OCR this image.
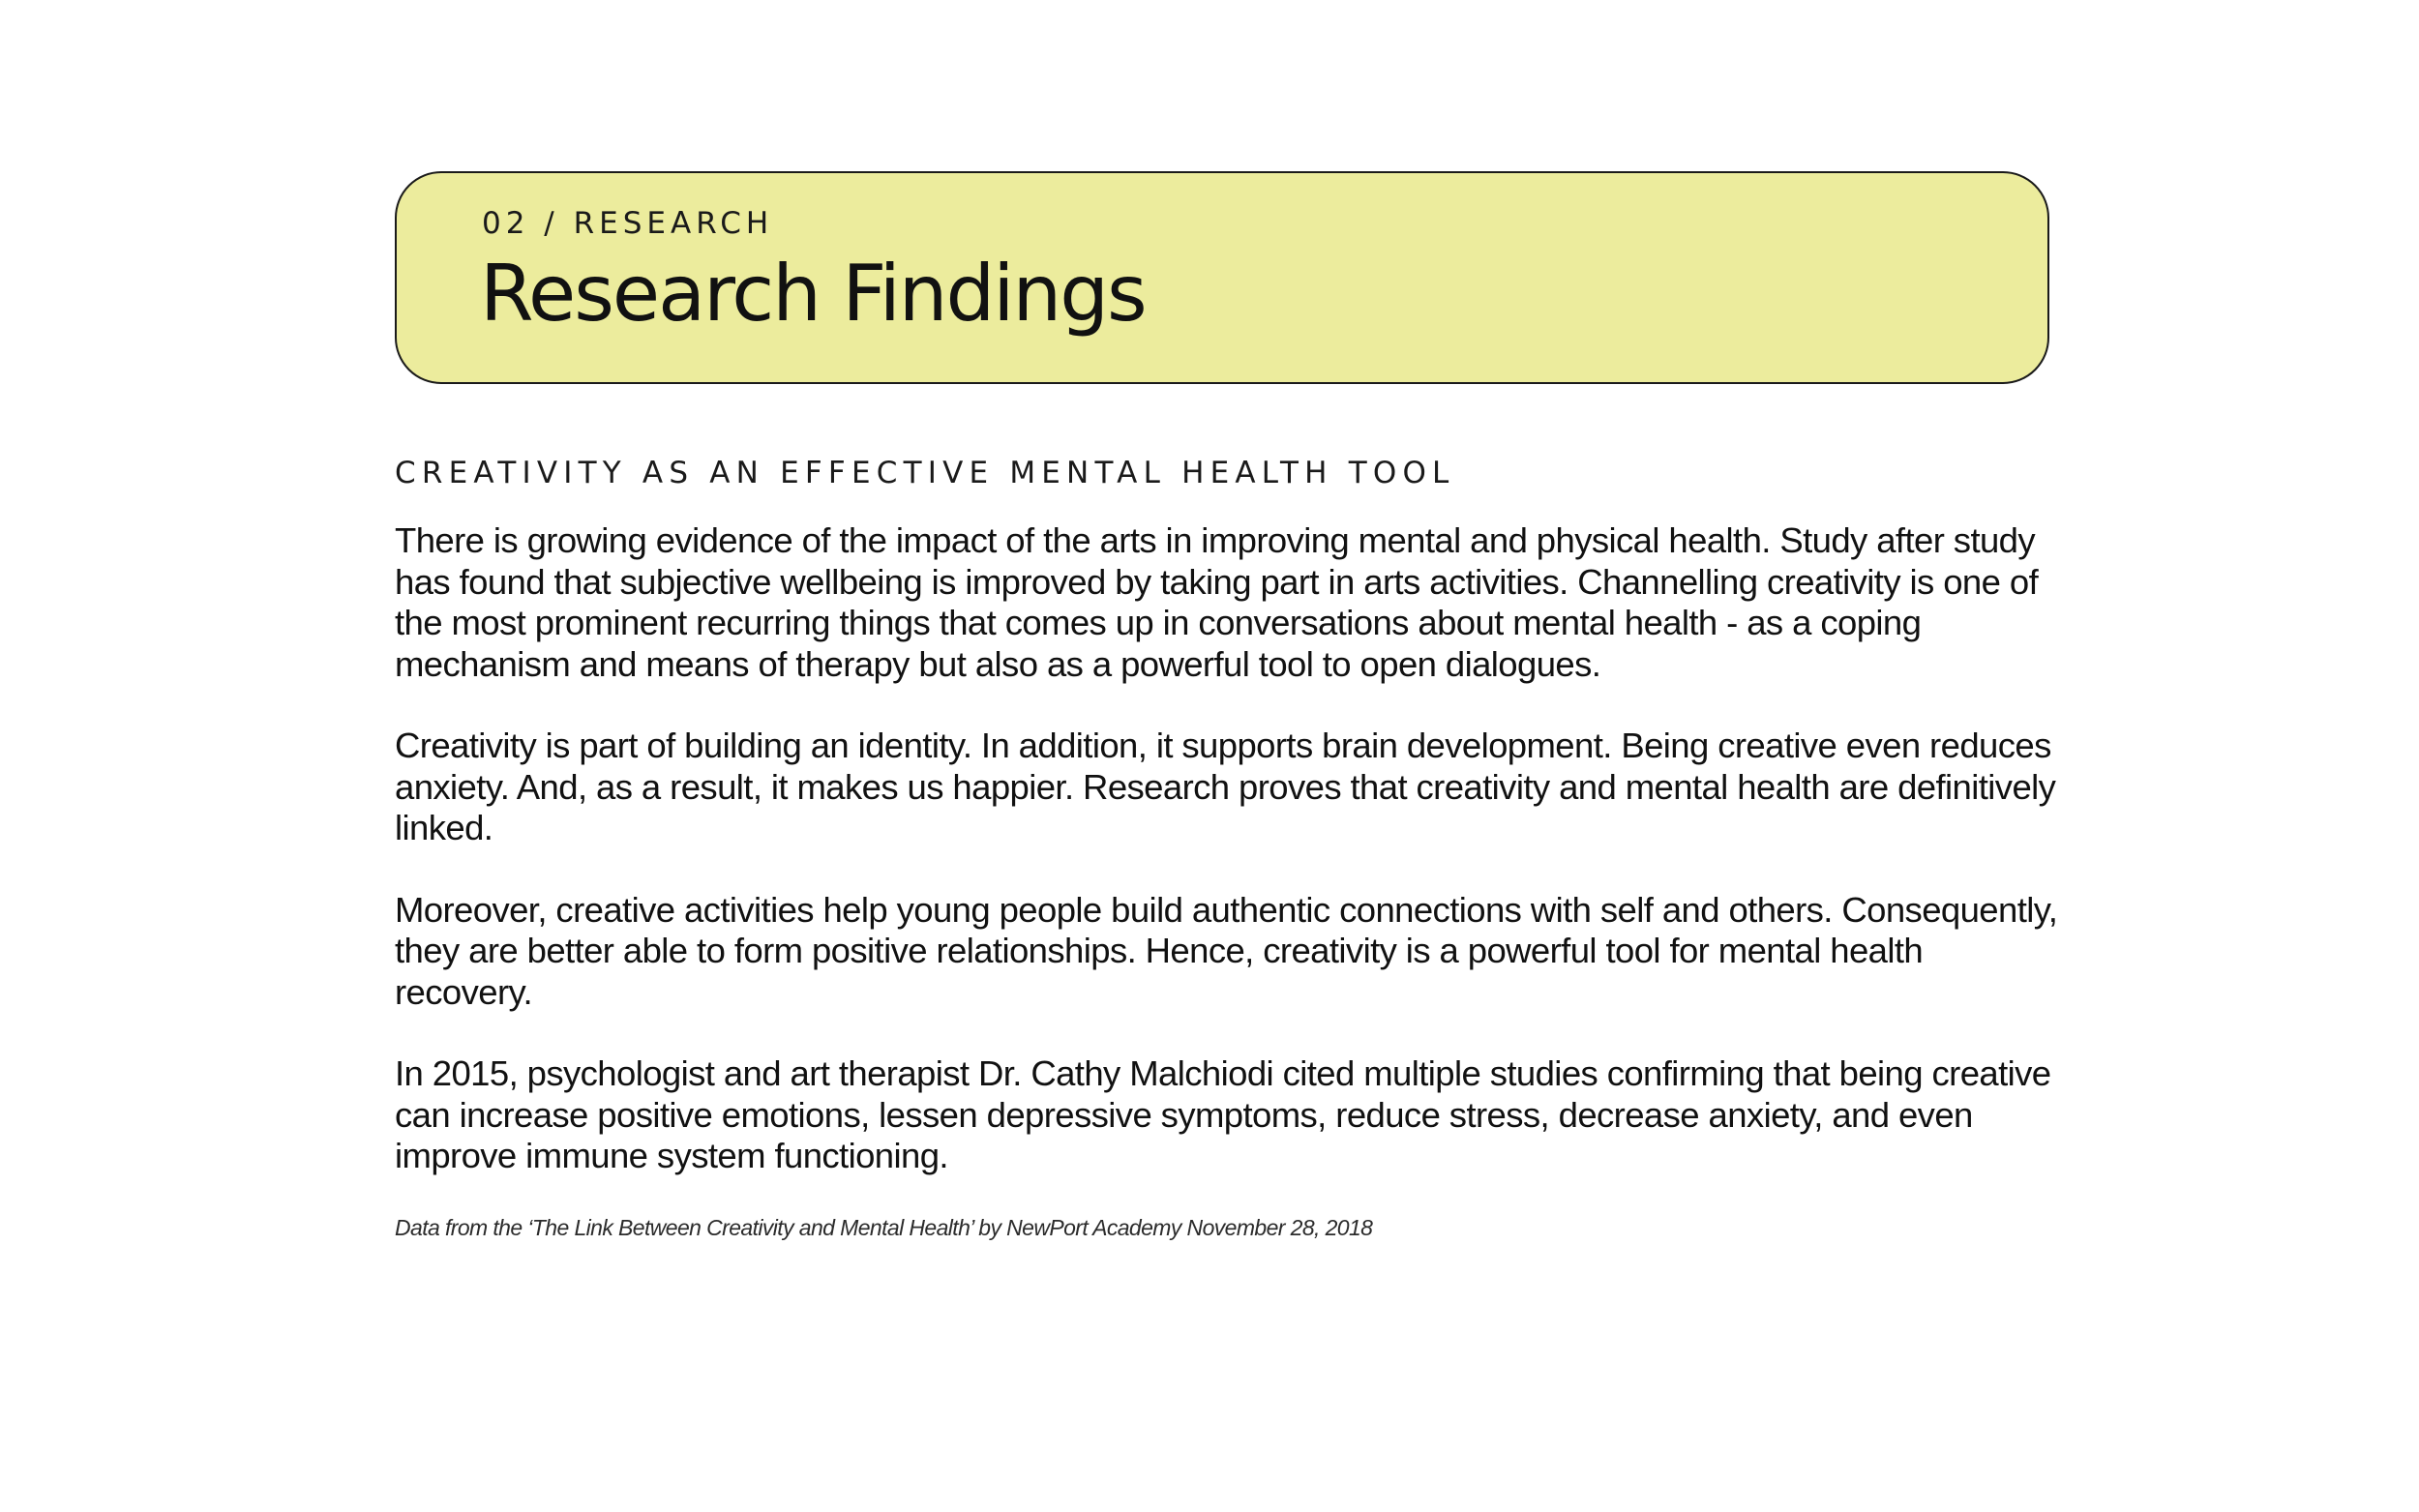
02 / RESEARCH
Research Findings
CREATIVITY AS AN EFFECTIVE MENTAL HEALTH TOOL

There is growing evidence of the impact of the arts in improving mental and physical health. Study after study has found that subjective wellbeing is improved by taking part in arts activities. Channelling creativity is one of the most prominent recurring things that comes up in conversations about mental health - as a coping mechanism and means of therapy but also as a powerful tool to open dialogues.

Creativity is part of building an identity. In addition, it supports brain development. Being creative even reduces anxiety. And, as a result, it makes us happier. Research proves that creativity and mental health are definitively linked.

Moreover, creative activities help young people build authentic connections with self and others. Consequently, they are better able to form positive relationships. Hence, creativity is a powerful tool for mental health recovery.

In 2015, psychologist and art therapist Dr. Cathy Malchiodi cited multiple studies confirming that being creative can increase positive emotions, lessen depressive symptoms, reduce stress, decrease anxiety, and even improve immune system functioning.

Data from the ‘The Link Between Creativity and Mental Health’ by NewPort Academy November 28, 2018
